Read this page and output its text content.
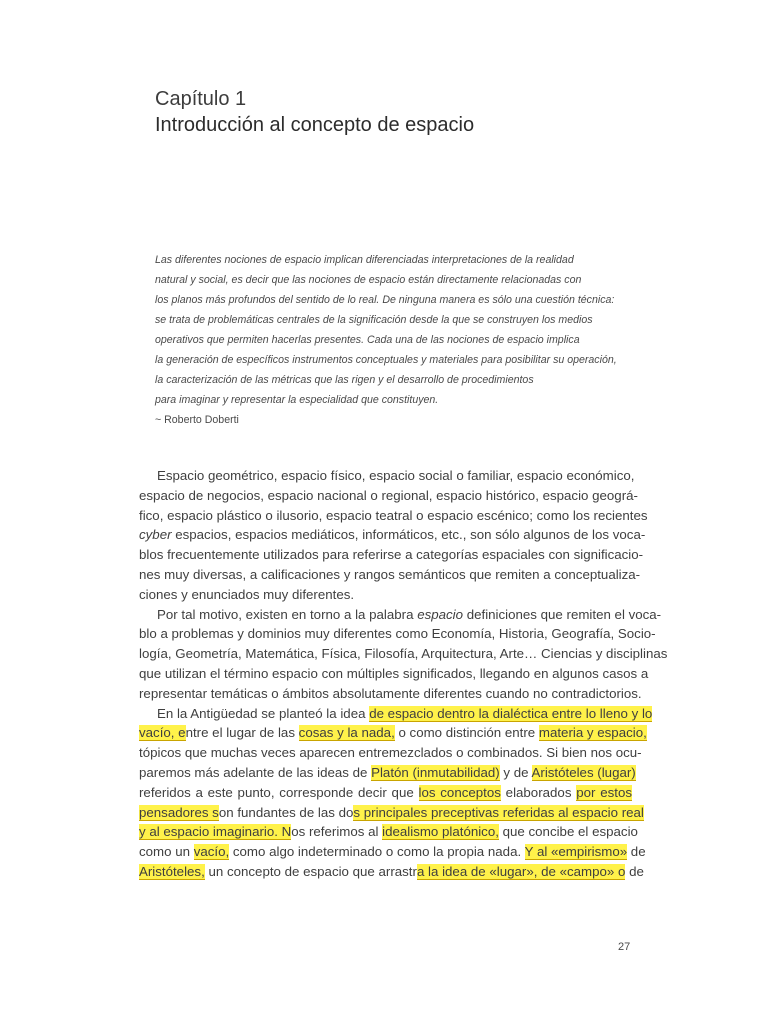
Capítulo 1
Introducción al concepto de espacio
Las diferentes nociones de espacio implican diferenciadas interpretaciones de la realidad
natural y social, es decir que las nociones de espacio están directamente relacionadas con
los planos más profundos del sentido de lo real. De ninguna manera es sólo una cuestión técnica:
se trata de problemáticas centrales de la significación desde la que se construyen los medios
operativos que permiten hacerlas presentes. Cada una de las nociones de espacio implica
la generación de específicos instrumentos conceptuales y materiales para posibilitar su operación,
la caracterización de las métricas que las rigen y el desarrollo de procedimientos
para imaginar y representar la especialidad que constituyen.
~ Roberto Doberti
Espacio geométrico, espacio físico, espacio social o familiar, espacio económico,
espacio de negocios, espacio nacional o regional, espacio histórico, espacio geográ-
fico, espacio plástico o ilusorio, espacio teatral o espacio escénico; como los recientes
cyber espacios, espacios mediáticos, informáticos, etc., son sólo algunos de los voca-
blos frecuentemente utilizados para referirse a categorías espaciales con significacio-
nes muy diversas, a calificaciones y rangos semánticos que remiten a conceptualiza-
ciones y enunciados muy diferentes.
Por tal motivo, existen en torno a la palabra espacio definiciones que remiten el voca-
blo a problemas y dominios muy diferentes como Economía, Historia, Geografía, Socio-
logía, Geometría, Matemática, Física, Filosofía, Arquitectura, Arte… Ciencias y disciplinas
que utilizan el término espacio con múltiples significados, llegando en algunos casos a
representar temáticas o ámbitos absolutamente diferentes cuando no contradictorios.
En la Antigüedad se planteó la idea de espacio dentro la dialéctica entre lo lleno y lo
vacío, entre el lugar de las cosas y la nada, o como distinción entre materia y espacio,
tópicos que muchas veces aparecen entremezclados o combinados. Si bien nos ocu-
paremos más adelante de las ideas de Platón (inmutabilidad) y de Aristóteles (lugar)
referidos a este punto, corresponde decir que los conceptos elaborados por estos
pensadores son fundantes de las dos principales preceptivas referidas al espacio real
y al espacio imaginario. Nos referimos al idealismo platónico, que concibe el espacio
como un vacío, como algo indeterminado o como la propia nada. Y al «empirismo» de
Aristóteles, un concepto de espacio que arrastra la idea de «lugar», de «campo» o de
27
